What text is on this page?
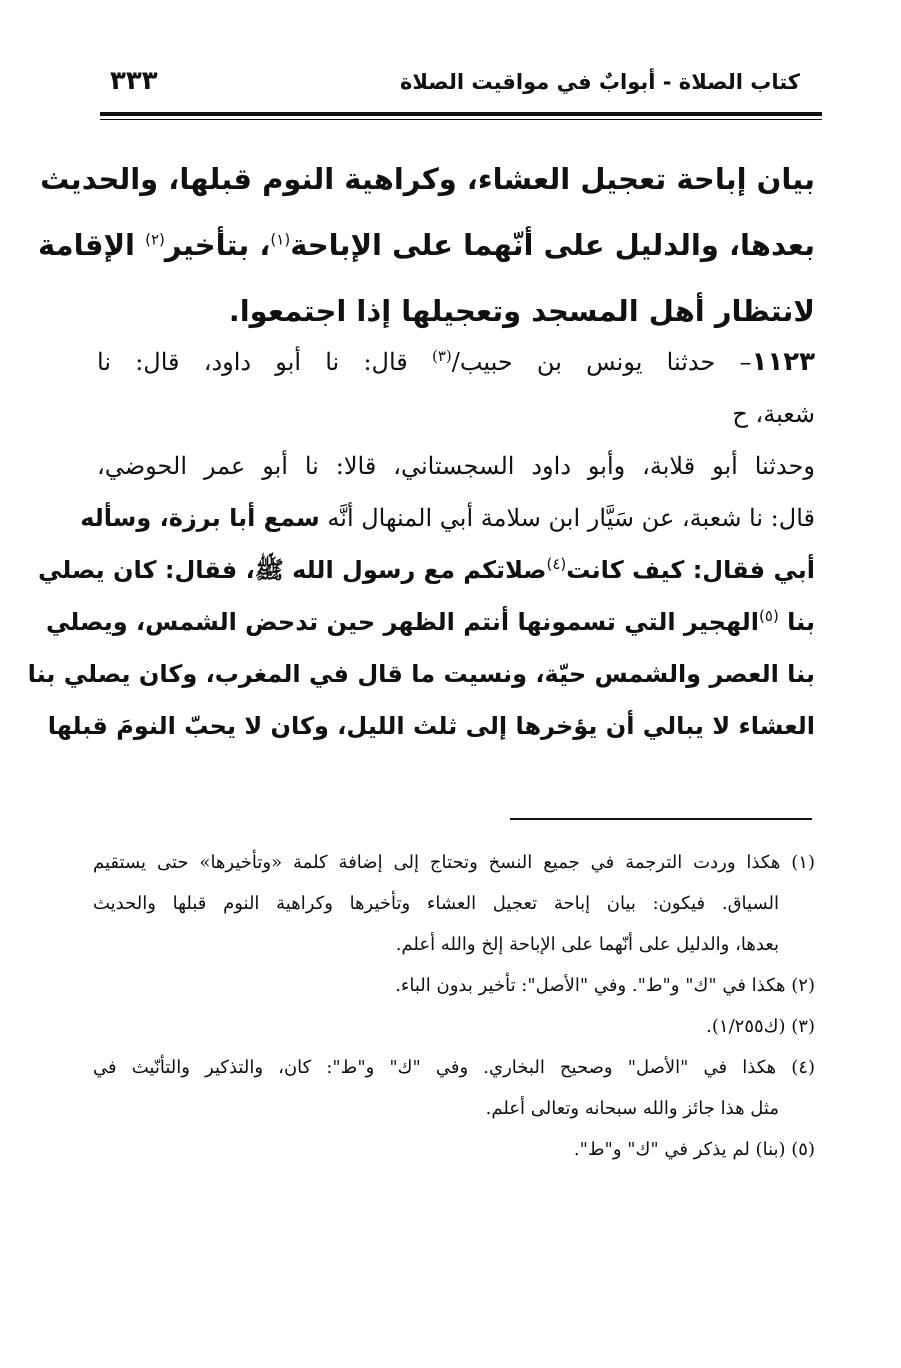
كتاب الصلاة - أبوابٌ في مواقيت الصلاة
٣٣٣
بيان إباحة تعجيل العشاء، وكراهية النوم قبلها، والحديث
بعدها، والدليل على أنّهما على الإباحة$^{(١)}$، بتأخير$^{(٢)}$ الإقامة
لانتظار أهل المسجد وتعجيلها إذا اجتمعوا.
١١٢٣– حدثنا يونس بن حبيب/$^{(٣)}$ قال: نا أبو داود، قال: نا
شعبة، ح
وحدثنا أبو قلابة، وأبو داود السجستاني، قالا: نا أبو عمر الحوضي،
قال: نا شعبة، عن سَيَّار ابن سلامة أبي المنهال أنَّه سمع أبا برزة، وسأله
أبي فقال: كيف كانت$^{(٤)}$صلاتكم مع رسول الله ﷺ، فقال: كان يصلي
بنا $^{(٥)}$الهجير التي تسمونها أنتم الظهر حين تدحض الشمس، ويصلي
بنا العصر والشمس حيّة، ونسيت ما قال في المغرب، وكان يصلي بنا
العشاء لا يبالي أن يؤخرها إلى ثلث الليل، وكان لا يحبّ النومَ قبلها
(١) هكذا وردت الترجمة في جميع النسخ وتحتاج إلى إضافة كلمة «وتأخيرها» حتى يستقيم
السياق. فيكون: بيان إباحة تعجيل العشاء وتأخيرها وكراهية النوم قبلها والحديث
بعدها، والدليل على أنّهما على الإباحة إلخ والله أعلم.
(٢) هكذا في "ك" و"ط". وفي "الأصل": تأخير بدون الباء.
(٣) (ك١/٢٥٥).
(٤) هكذا في "الأصل" وصحيح البخاري. وفي "ك" و"ط": كان، والتذكير والتأنّيث في
مثل هذا جائز والله سبحانه وتعالى أعلم.
(٥) (بنا) لم يذكر في "ك" و"ط".
